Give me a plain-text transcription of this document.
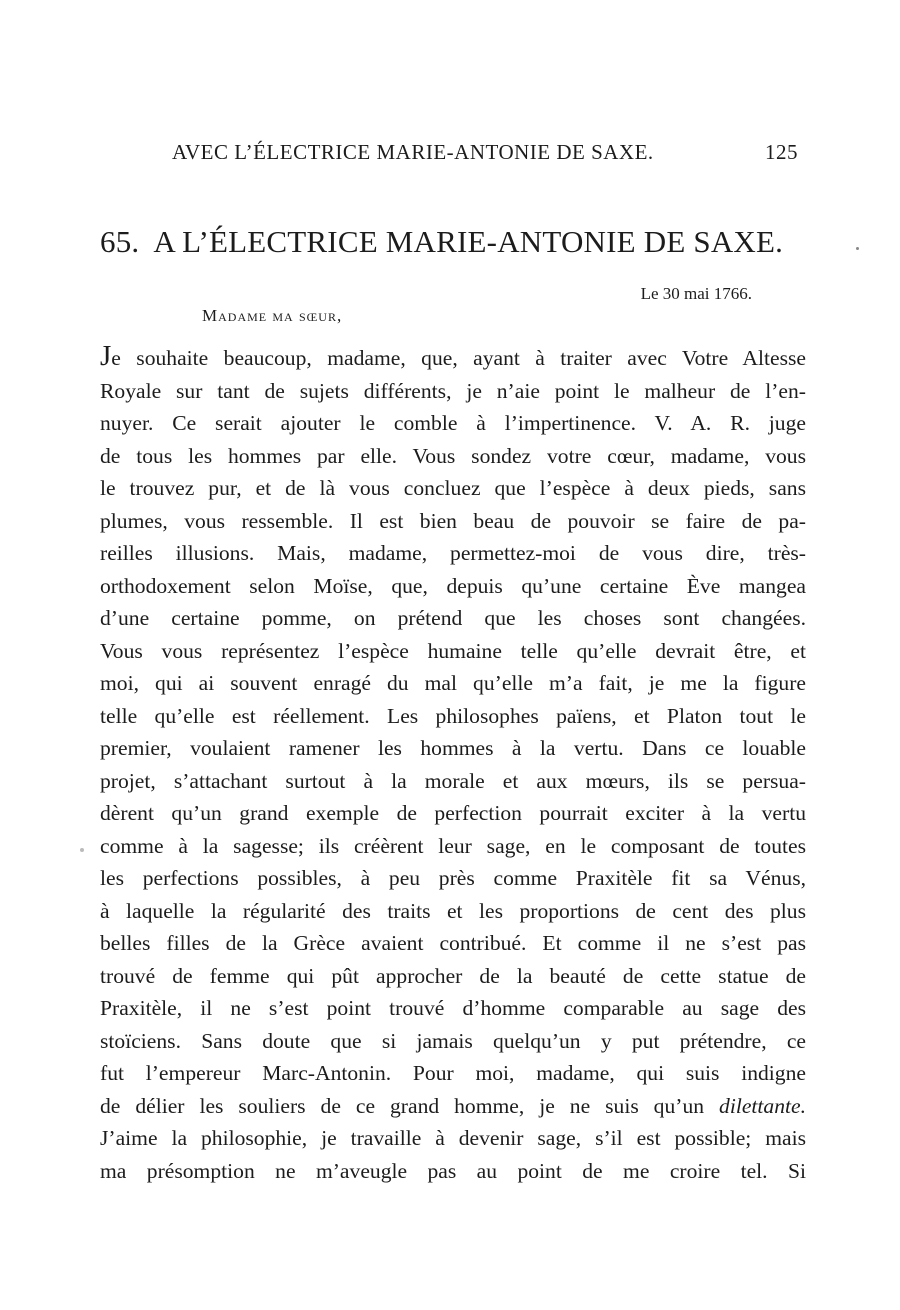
AVEC L’ÉLECTRICE MARIE-ANTONIE DE SAXE.	125
65. A L’ÉLECTRICE MARIE-ANTONIE DE SAXE.
Le 30 mai 1766.
Madame ma sœur,
Je souhaite beaucoup, madame, que, ayant à traiter avec Votre Altesse
Royale sur tant de sujets différents, je n’aie point le malheur de l’en-
nuyer. Ce serait ajouter le comble à l’impertinence. V. A. R. juge
de tous les hommes par elle. Vous sondez votre cœur, madame, vous
le trouvez pur, et de là vous concluez que l’espèce à deux pieds, sans
plumes, vous ressemble. Il est bien beau de pouvoir se faire de pa-
reilles illusions. Mais, madame, permettez-moi de vous dire, très-
orthodoxement selon Moïse, que, depuis qu’une certaine Ève mangea
d’une certaine pomme, on prétend que les choses sont changées.
Vous vous représentez l’espèce humaine telle qu’elle devrait être, et
moi, qui ai souvent enragé du mal qu’elle m’a fait, je me la figure
telle qu’elle est réellement. Les philosophes païens, et Platon tout le
premier, voulaient ramener les hommes à la vertu. Dans ce louable
projet, s’attachant surtout à la morale et aux mœurs, ils se persua-
dèrent qu’un grand exemple de perfection pourrait exciter à la vertu
comme à la sagesse; ils créèrent leur sage, en le composant de toutes
les perfections possibles, à peu près comme Praxitèle fit sa Vénus,
à laquelle la régularité des traits et les proportions de cent des plus
belles filles de la Grèce avaient contribué. Et comme il ne s’est pas
trouvé de femme qui pût approcher de la beauté de cette statue de
Praxitèle, il ne s’est point trouvé d’homme comparable au sage des
stoïciens. Sans doute que si jamais quelqu’un y put prétendre, ce
fut l’empereur Marc-Antonin. Pour moi, madame, qui suis indigne
de délier les souliers de ce grand homme, je ne suis qu’un dilettante.
J’aime la philosophie, je travaille à devenir sage, s’il est possible; mais
ma présomption ne m’aveugle pas au point de me croire tel. Si
